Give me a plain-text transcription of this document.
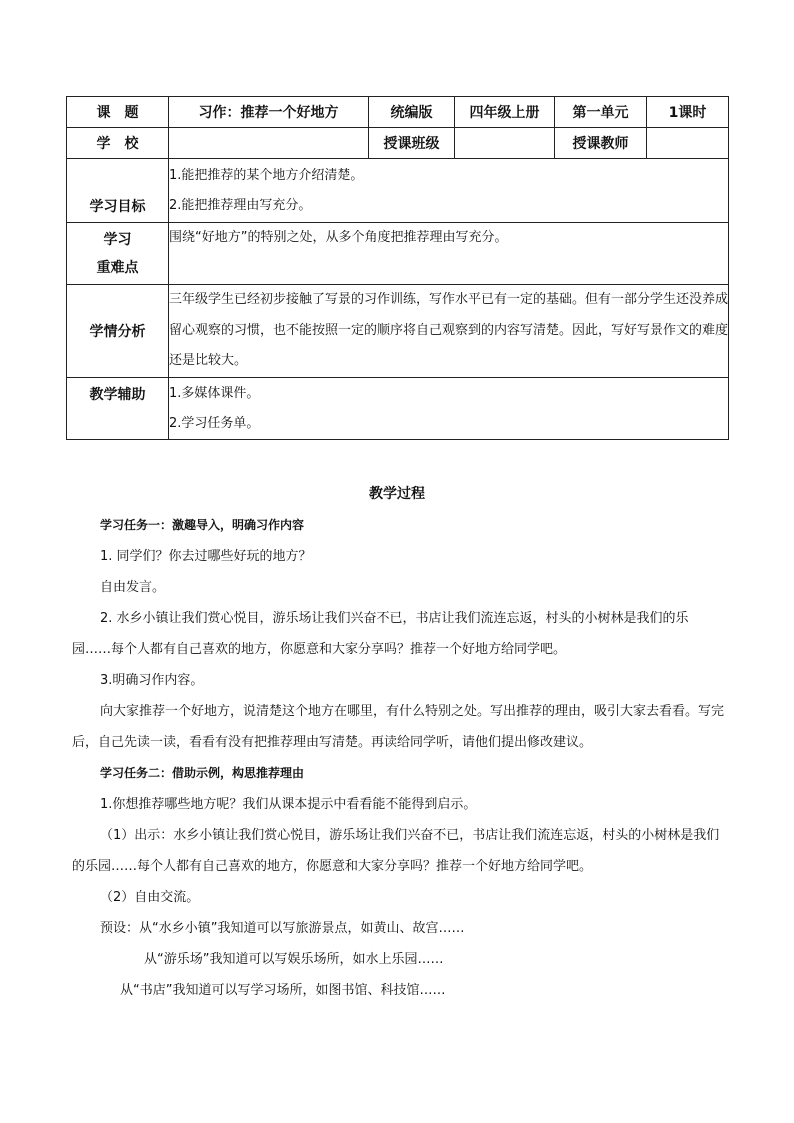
课　题	习作：推荐一个好地方	统编版	四年级上册	第一单元	1课时
学　校		授课班级		授课教师	
学习目标	1.能把推荐的某个地方介绍清楚。

2.能把推荐理由写充分。				

学习
重难点	围绕“好地方”的特别之处，从多个角度把推荐理由写充分。				
学情分析	三年级学生已经初步接触了写景的习作训练，写作水平已有一定的基础。但有一部分学生还没养成留心观察的习惯，也不能按照一定的顺序将自己观察到的内容写清楚。因此，写好写景作文的难度还是比较大。				
教学辅助	1.多媒体课件。

2.学习任务单。				

教学过程

学习任务一：激趣导入，明确习作内容

1. 同学们？你去过哪些好玩的地方？

自由发言。

2. 水乡小镇让我们赏心悦目，游乐场让我们兴奋不已，书店让我们流连忘返，村头的小树林是我们的乐园……每个人都有自己喜欢的地方，你愿意和大家分享吗？推荐一个好地方给同学吧。

3.明确习作内容。

向大家推荐一个好地方，说清楚这个地方在哪里，有什么特别之处。写出推荐的理由，吸引大家去看看。写完后，自己先读一读，看看有没有把推荐理由写清楚。再读给同学听，请他们提出修改建议。

学习任务二：借助示例，构思推荐理由

1.你想推荐哪些地方呢？我们从课本提示中看看能不能得到启示。

（1）出示：水乡小镇让我们赏心悦目，游乐场让我们兴奋不已，书店让我们流连忘返，村头的小树林是我们的乐园……每个人都有自己喜欢的地方，你愿意和大家分享吗？推荐一个好地方给同学吧。

（2）自由交流。

预设：从“水乡小镇”我知道可以写旅游景点，如黄山、故宫……

从“游乐场”我知道可以写娱乐场所，如水上乐园……

从“书店”我知道可以写学习场所，如图书馆、科技馆……
